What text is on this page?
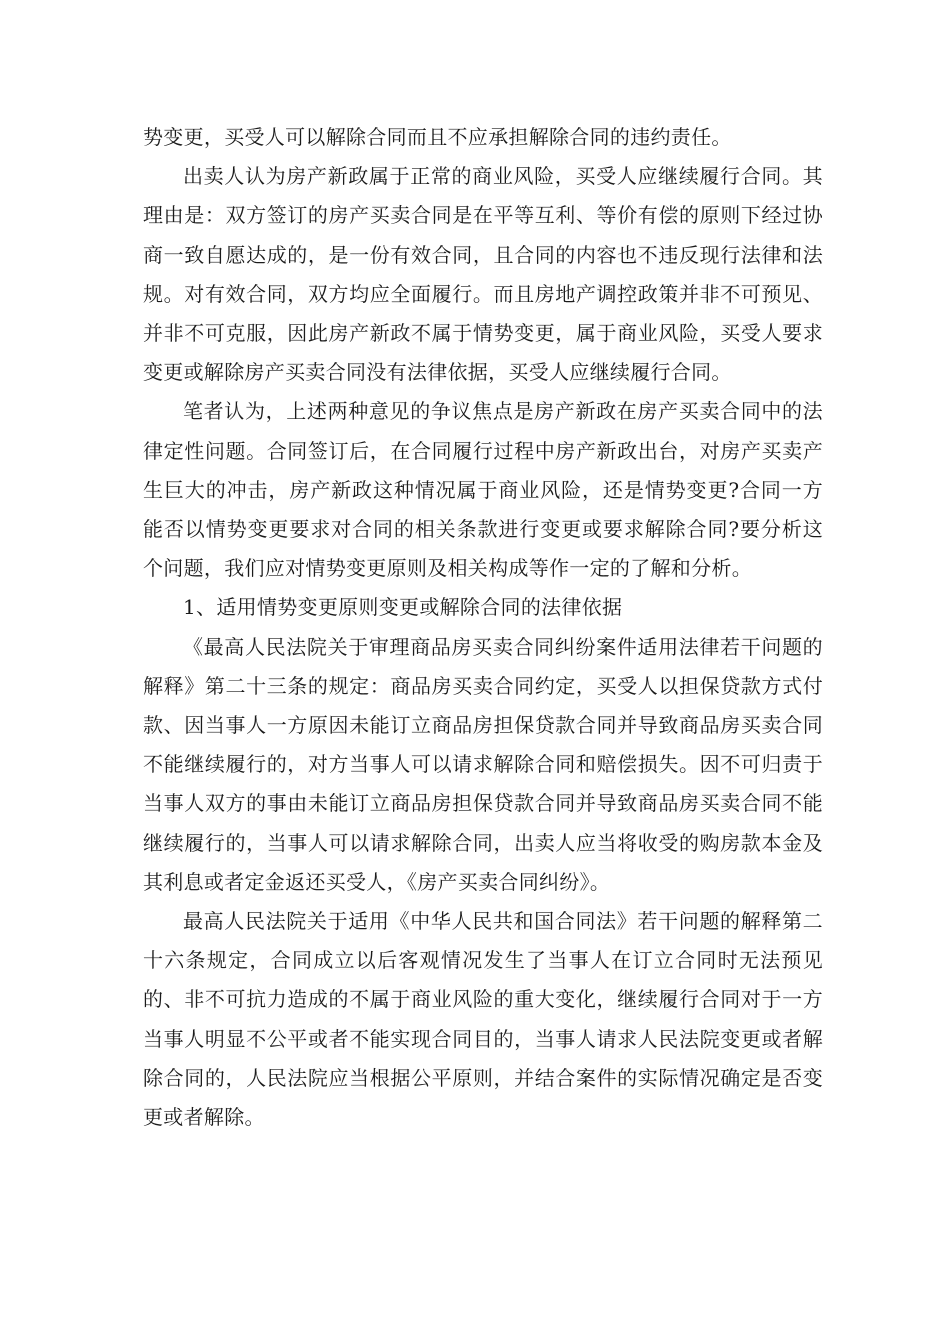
势变更，买受人可以解除合同而且不应承担解除合同的违约责任。

出卖人认为房产新政属于正常的商业风险，买受人应继续履行合同。其理由是：双方签订的房产买卖合同是在平等互利、等价有偿的原则下经过协商一致自愿达成的，是一份有效合同，且合同的内容也不违反现行法律和法规。对有效合同，双方均应全面履行。而且房地产调控政策并非不可预见、并非不可克服，因此房产新政不属于情势变更，属于商业风险，买受人要求变更或解除房产买卖合同没有法律依据，买受人应继续履行合同。

笔者认为，上述两种意见的争议焦点是房产新政在房产买卖合同中的法律定性问题。合同签订后，在合同履行过程中房产新政出台，对房产买卖产生巨大的冲击，房产新政这种情况属于商业风险，还是情势变更?合同一方能否以情势变更要求对合同的相关条款进行变更或要求解除合同?要分析这个问题，我们应对情势变更原则及相关构成等作一定的了解和分析。

1、适用情势变更原则变更或解除合同的法律依据

《最高人民法院关于审理商品房买卖合同纠纷案件适用法律若干问题的解释》第二十三条的规定：商品房买卖合同约定，买受人以担保贷款方式付款、因当事人一方原因未能订立商品房担保贷款合同并导致商品房买卖合同不能继续履行的，对方当事人可以请求解除合同和赔偿损失。因不可归责于当事人双方的事由未能订立商品房担保贷款合同并导致商品房买卖合同不能继续履行的，当事人可以请求解除合同，出卖人应当将收受的购房款本金及其利息或者定金返还买受人，《房产买卖合同纠纷》。

最高人民法院关于适用《中华人民共和国合同法》若干问题的解释第二十六条规定，合同成立以后客观情况发生了当事人在订立合同时无法预见的、非不可抗力造成的不属于商业风险的重大变化，继续履行合同对于一方当事人明显不公平或者不能实现合同目的，当事人请求人民法院变更或者解除合同的，人民法院应当根据公平原则，并结合案件的实际情况确定是否变更或者解除。
